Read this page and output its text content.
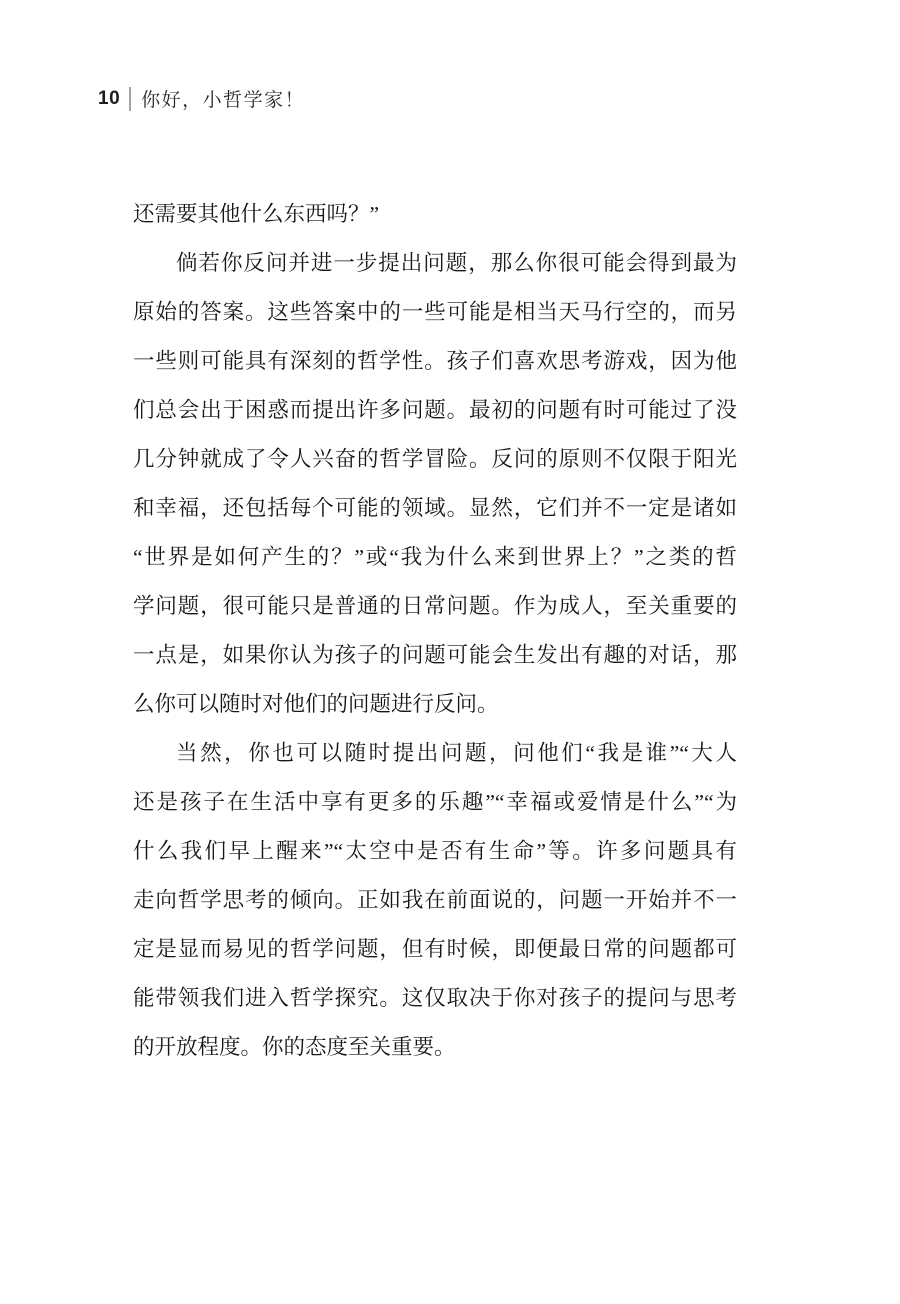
10 你好，小哲学家！
还需要其他什么东西吗？”
倘若你反问并进一步提出问题，那么你很可能会得到最为
原始的答案。这些答案中的一些可能是相当天马行空的，而另
一些则可能具有深刻的哲学性。孩子们喜欢思考游戏，因为他
们总会出于困惑而提出许多问题。最初的问题有时可能过了没
几分钟就成了令人兴奋的哲学冒险。反问的原则不仅限于阳光
和幸福，还包括每个可能的领域。显然，它们并不一定是诸如
“世界是如何产生的？”或“我为什么来到世界上？”之类的哲
学问题，很可能只是普通的日常问题。作为成人，至关重要的
一点是，如果你认为孩子的问题可能会生发出有趣的对话，那
么你可以随时对他们的问题进行反问。
当然，你也可以随时提出问题，问他们“我是谁”“大人
还是孩子在生活中享有更多的乐趣”“幸福或爱情是什么”“为
什么我们早上醒来”“太空中是否有生命”等。许多问题具有
走向哲学思考的倾向。正如我在前面说的，问题一开始并不一
定是显而易见的哲学问题，但有时候，即便最日常的问题都可
能带领我们进入哲学探究。这仅取决于你对孩子的提问与思考
的开放程度。你的态度至关重要。
